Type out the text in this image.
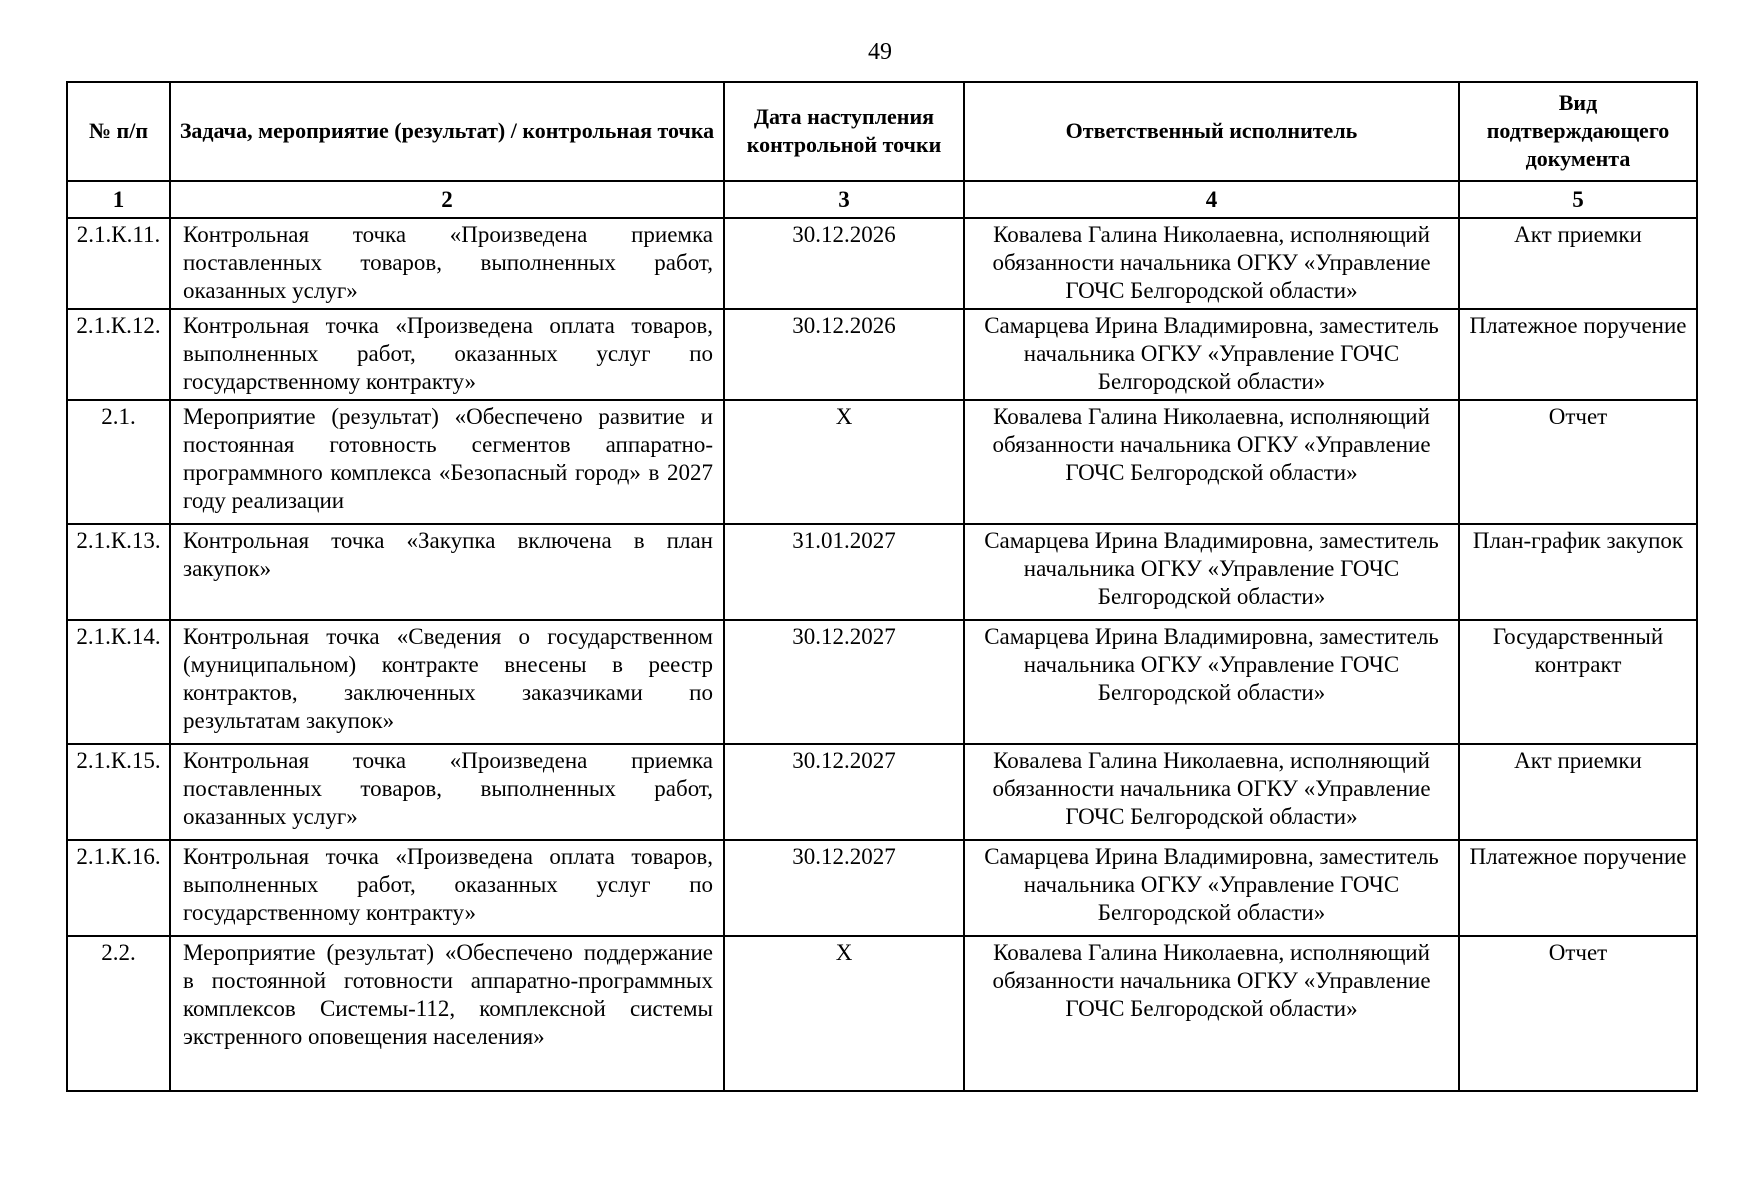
49
№ п/п	Задача, мероприятие (результат) / контрольная точка	Дата наступления контрольной точки	Ответственный исполнитель	Вид подтверждающего документа
1	2	3	4	5
2.1.К.11.	Контрольная точка «Произведена приемка поставленных товаров, выполненных работ, оказанных услуг»	30.12.2026	Ковалева Галина Николаевна, исполняющий обязанности начальника ОГКУ «Управление ГОЧС Белгородской области»	Акт приемки
2.1.К.12.	Контрольная точка «Произведена оплата товаров, выполненных работ, оказанных услуг по государственному контракту»	30.12.2026	Самарцева Ирина Владимировна, заместитель начальника ОГКУ «Управление ГОЧС Белгородской области»	Платежное поручение
2.1.	Мероприятие (результат) «Обеспечено развитие и постоянная готовность сегментов аппаратно-программного комплекса «Безопасный город» в 2027 году реализации	Х	Ковалева Галина Николаевна, исполняющий обязанности начальника ОГКУ «Управление ГОЧС Белгородской области»	Отчет
2.1.К.13.	Контрольная точка «Закупка включена в план закупок»	31.01.2027	Самарцева Ирина Владимировна, заместитель начальника ОГКУ «Управление ГОЧС Белгородской области»	План-график закупок
2.1.К.14.	Контрольная точка «Сведения о государственном (муниципальном) контракте внесены в реестр контрактов, заключенных заказчиками по результатам закупок»	30.12.2027	Самарцева Ирина Владимировна, заместитель начальника ОГКУ «Управление ГОЧС Белгородской области»	Государственный контракт
2.1.К.15.	Контрольная точка «Произведена приемка поставленных товаров, выполненных работ, оказанных услуг»	30.12.2027	Ковалева Галина Николаевна, исполняющий обязанности начальника ОГКУ «Управление ГОЧС Белгородской области»	Акт приемки
2.1.К.16.	Контрольная точка «Произведена оплата товаров, выполненных работ, оказанных услуг по государственному контракту»	30.12.2027	Самарцева Ирина Владимировна, заместитель начальника ОГКУ «Управление ГОЧС Белгородской области»	Платежное поручение
2.2.	Мероприятие (результат) «Обеспечено поддержание в постоянной готовности аппаратно-программных комплексов Системы-112, комплексной системы экстренного оповещения населения»	Х	Ковалева Галина Николаевна, исполняющий обязанности начальника ОГКУ «Управление ГОЧС Белгородской области»	Отчет
